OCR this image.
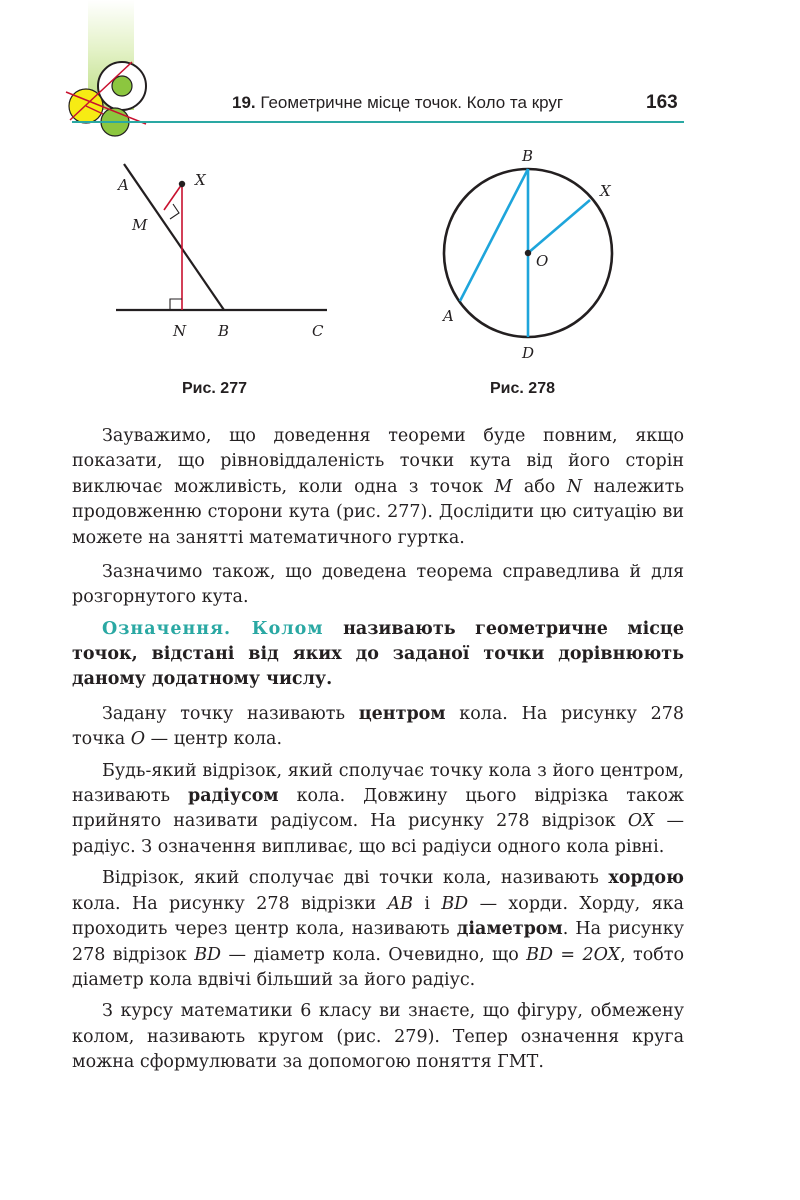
19. Геометричне місце точок. Коло та круг	163
A	X
M
N B	C
Рис. 277
B
X
O
A
D
Рис. 278

Зауважимо, що доведення теореми буде повним, якщо показати, що рівновіддаленість точки кута від його сторін виключає можливість, коли одна з точок M або N належить продовженню сторони кута (рис. 277). Дослідити цю ситуацію ви можете на занятті математичного гуртка.

Зазначимо також, що доведена теорема справедлива й для розгорнутого кута.

Означення. Колом називають геометричне місце точок, відстані від яких до заданої точки дорівнюють даному додатному числу.

Задану точку називають центром кола. На рисунку 278 точка O — центр кола.

Будь-який відрізок, який сполучає точку кола з його центром, називають радіусом кола. Довжину цього відрізка також прийнято називати радіусом. На рисунку 278 відрізок OX — радіус. З означення випливає, що всі радіуси одного кола рівні.

Відрізок, який сполучає дві точки кола, називають хордою кола. На рисунку 278 відрізки AB і BD — хорди. Хорду, яка проходить через центр кола, називають діаметром. На рисунку 278 відрізок BD — діаметр кола. Очевидно, що BD = 2OX, тобто діаметр кола вдвічі більший за його радіус.

З курсу математики 6 класу ви знаєте, що фігуру, обмежену колом, називають кругом (рис. 279). Тепер означення круга можна сформулювати за допомогою поняття ГМТ.
